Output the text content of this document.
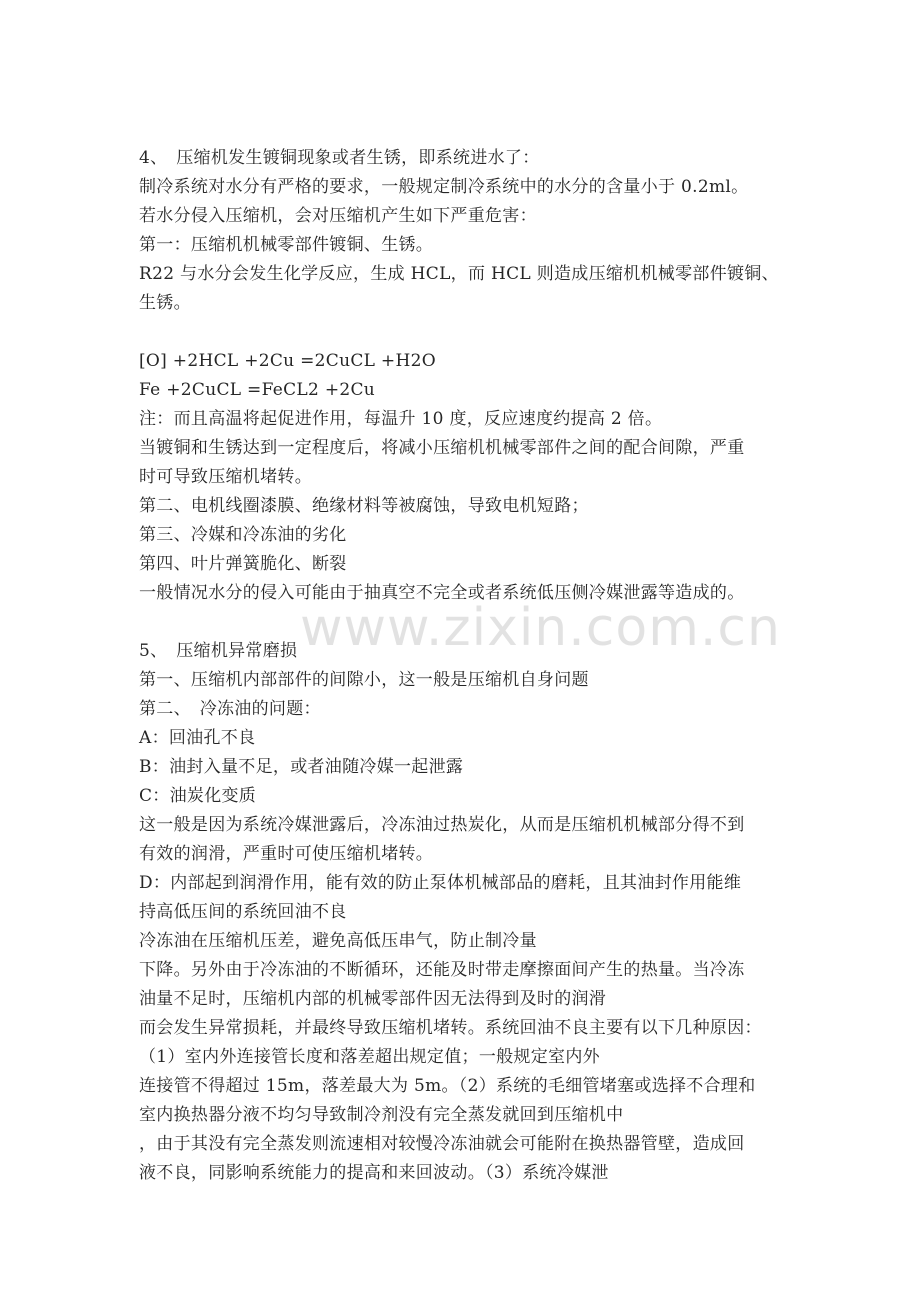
www.zixin.com.cn
4、　压缩机发生镀铜现象或者生锈，即系统进水了：
制冷系统对水分有严格的要求，一般规定制冷系统中的水分的含量小于 0.2ml。
若水分侵入压缩机，会对压缩机产生如下严重危害：
第一：压缩机机械零部件镀铜、生锈。
R22 与水分会发生化学反应，生成 HCL，而 HCL 则造成压缩机机械零部件镀铜、
生锈。
[O] +2HCL +2Cu =2CuCL +H2O
Fe +2CuCL =FeCL2 +2Cu
注：而且高温将起促进作用，每温升 10 度，反应速度约提高 2 倍。
当镀铜和生锈达到一定程度后，将减小压缩机机械零部件之间的配合间隙，严重
时可导致压缩机堵转。
第二、电机线圈漆膜、绝缘材料等被腐蚀，导致电机短路；
第三、冷媒和冷冻油的劣化
第四、叶片弹簧脆化、断裂
一般情况水分的侵入可能由于抽真空不完全或者系统低压侧冷媒泄露等造成的。
5、　压缩机异常磨损
第一、压缩机内部部件的间隙小，这一般是压缩机自身问题
第二、　冷冻油的问题：
A：回油孔不良
B：油封入量不足，或者油随冷媒一起泄露
C：油炭化变质
这一般是因为系统冷媒泄露后，冷冻油过热炭化，从而是压缩机机械部分得不到
有效的润滑，严重时可使压缩机堵转。
D：内部起到润滑作用，能有效的防止泵体机械部品的磨耗，且其油封作用能维
持高低压间的系统回油不良
冷冻油在压缩机压差，避免高低压串气，防止制冷量
下降。另外由于冷冻油的不断循环，还能及时带走摩擦面间产生的热量。当冷冻
油量不足时，压缩机内部的机械零部件因无法得到及时的润滑
而会发生异常损耗，并最终导致压缩机堵转。系统回油不良主要有以下几种原因：
（1）室内外连接管长度和落差超出规定值；一般规定室内外
连接管不得超过 15m，落差最大为 5m。（2）系统的毛细管堵塞或选择不合理和
室内换热器分液不均匀导致制冷剂没有完全蒸发就回到压缩机中
，由于其没有完全蒸发则流速相对较慢冷冻油就会可能附在换热器管壁，造成回
液不良，同影响系统能力的提高和来回波动。（3）系统冷媒泄
